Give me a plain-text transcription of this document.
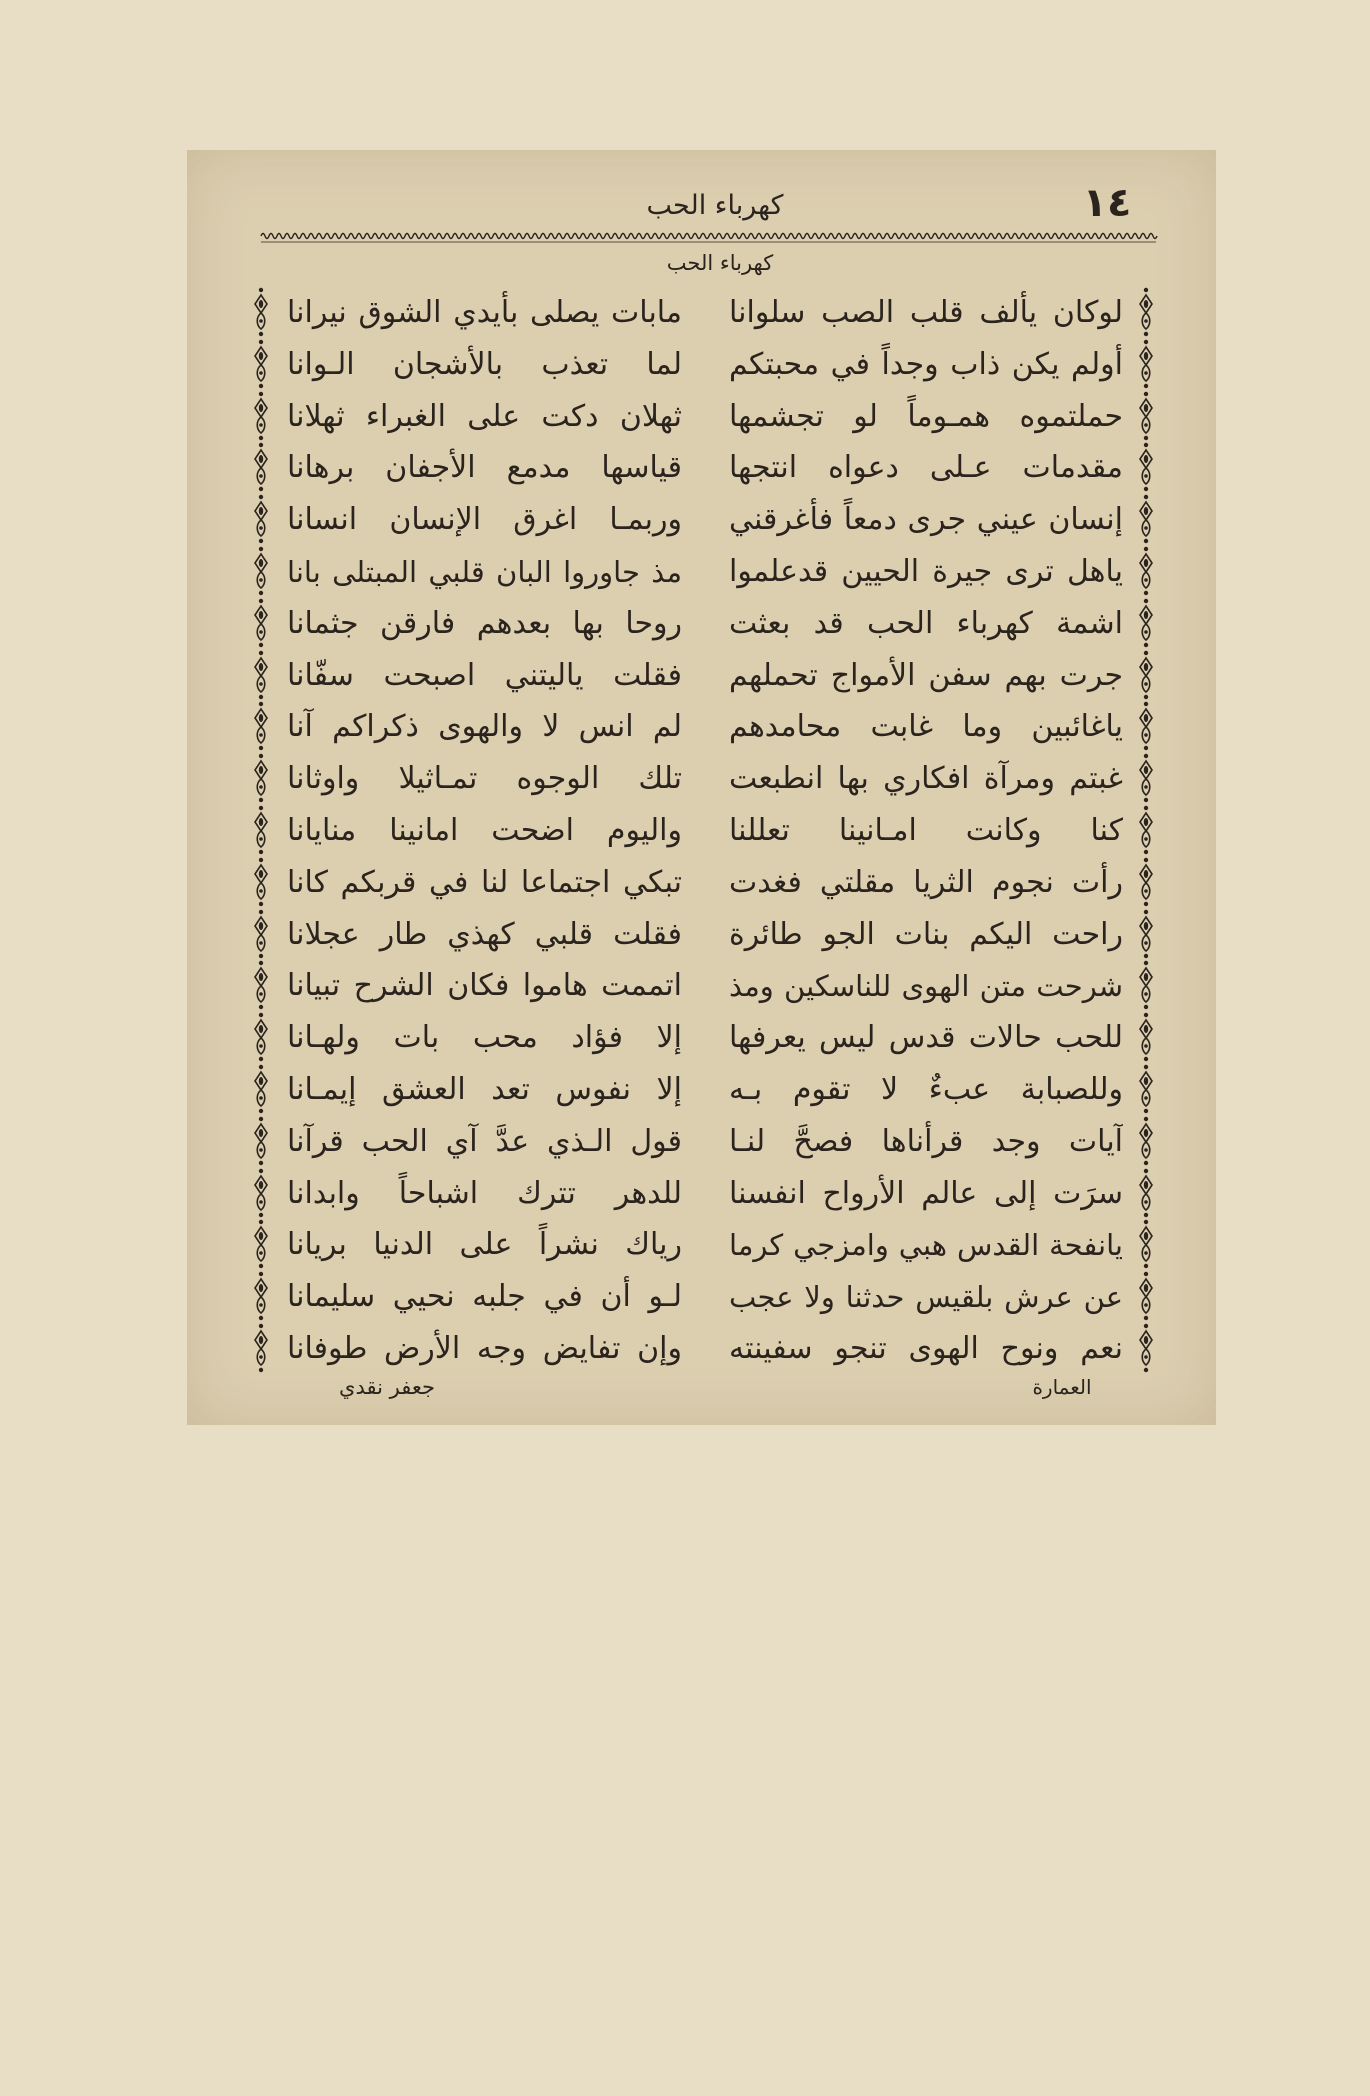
١٤
كهرباء الحب
كهرباء الحب
لوكان يألف قلب الصب سلوانا
مابات يصلى بأيدي الشوق نيرانا
أولم يكن ذاب وجداً في محبتكم
لما تعذب بالأشجان الـوانا
حملتموه همـوماً لو تجشمها
ثهلان دكت على الغبراء ثهلانا
مقدمات عـلى دعواه انتجها
قياسها مدمع الأجفان برهانا
إنسان عيني جرى دمعاً فأغرقني
وربمـا اغرق الإنسان انسانا
ياهل ترى جيرة الحيين قدعلموا
مذ جاوروا البان قلبي المبتلى بانا
اشمة كهرباء الحب قد بعثت
روحا بها بعدهم فارقن جثمانا
جرت بهم سفن الأمواج تحملهم
فقلت ياليتني اصبحت سفّانا
ياغائبين وما غابت محامدهم
لم انس لا والهوى ذكراكم آنا
غبتم ومرآة افكاري بها انطبعت
تلك الوجوه تمـاثيلا واوثانا
كنا وكانت امـانينا تعللنا
واليوم اضحت امانينا منايانا
رأت نجوم الثريا مقلتي فغدت
تبكي اجتماعا لنا في قربكم كانا
راحت اليكم بنات الجو طائرة
فقلت قلبي كهذي طار عجلانا
شرحت متن الهوى للناسكين ومذ
اتممت هاموا فكان الشرح تبيانا
للحب حالات قدس ليس يعرفها
إلا فؤاد محب بات ولهـانا
وللصبابة عبءٌ لا تقوم بـه
إلا نفوس تعد العشق إيمـانا
آيات وجد قرأناها فصحَّ لنـا
قول الـذي عدَّ آي الحب قرآنا
سرَت إلى عالم الأرواح انفسنا
للدهر تترك اشباحاً وابدانا
يانفحة القدس هبي وامزجي كرما
رياك نشراً على الدنيا بريانا
عن عرش بلقيس حدثنا ولا عجب
لـو أن في جلبه نحيي سليمانا
نعم ونوح الهوى تنجو سفينته
وإن تفايض وجه الأرض طوفانا
جعفر نقدي	العمارة
